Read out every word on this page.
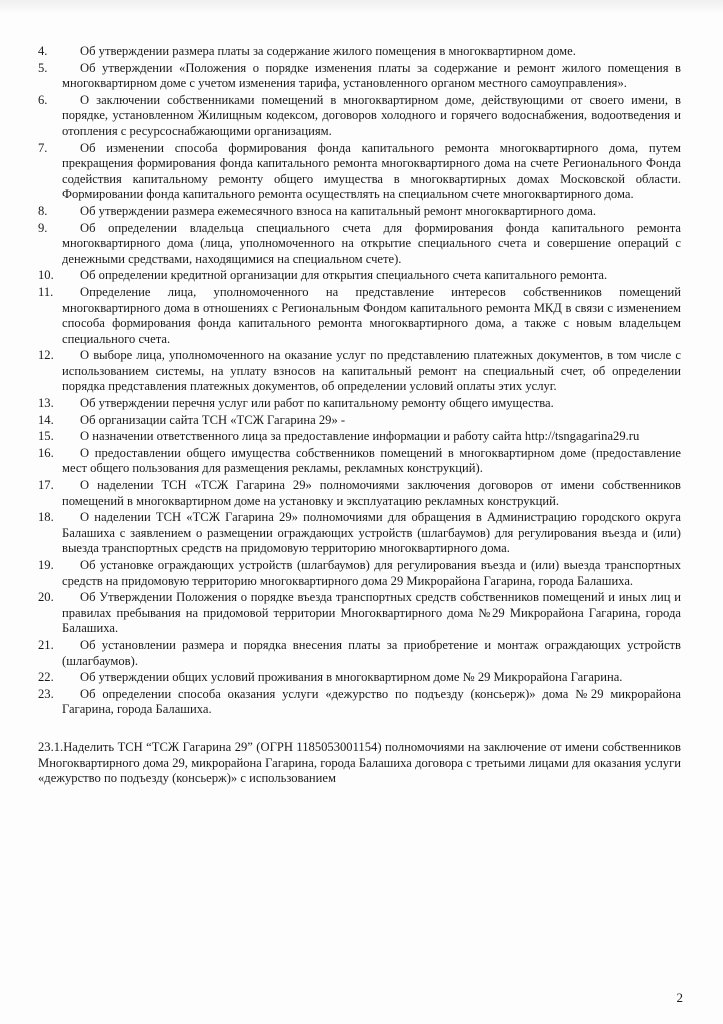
4.	Об утверждении размера платы за содержание жилого помещения в многоквартирном доме.
5.	Об утверждении «Положения о порядке изменения платы за содержание и ремонт жилого помещения в многоквартирном доме с учетом изменения тарифа, установленного органом местного самоуправления».
6.	О заключении собственниками помещений в многоквартирном доме, действующими от своего имени, в порядке, установленном Жилищным кодексом, договоров холодного и горячего водоснабжения, водоотведения и отопления с ресурсоснабжающими организациям.
7.	Об изменении способа формирования фонда капитального ремонта многоквартирного дома, путем прекращения формирования фонда капитального ремонта многоквартирного дома на счете Регионального Фонда содействия капитальному ремонту общего имущества в многоквартирных домах Московской области. Формировании фонда капитального ремонта осуществлять на специальном счете многоквартирного дома.
8.	Об утверждении размера ежемесячного взноса на капитальный ремонт многоквартирного дома.
9.	Об определении владельца специального счета для формирования фонда капитального ремонта многоквартирного дома (лица, уполномоченного на открытие специального счета и совершение операций с денежными средствами, находящимися на специальном счете).
10. Об определении кредитной организации для открытия специального счета капитального ремонта.
11. Определение лица, уполномоченного на представление интересов собственников помещений многоквартирного дома в отношениях с Региональным Фондом капитального ремонта МКД в связи с изменением способа формирования фонда капитального ремонта многоквартирного дома, а также с новым владельцем специального счета.
12. О выборе лица, уполномоченного на оказание услуг по представлению платежных документов, в том числе с использованием системы, на уплату взносов на капитальный ремонт на специальный счет, об определении порядка представления платежных документов, об определении условий оплаты этих услуг.
13. Об утверждении перечня услуг или работ по капитальному ремонту общего имущества.
14. Об организации сайта ТСН «ТСЖ Гагарина 29» -
15. О назначении ответственного лица за предоставление информации и работу сайта http://tsngagarina29.ru
16. О предоставлении общего имущества собственников помещений в многоквартирном доме (предоставление мест общего пользования для размещения рекламы, рекламных конструкций).
17. О наделении ТСН «ТСЖ Гагарина 29» полномочиями заключения договоров от имени собственников помещений в многоквартирном доме на установку и эксплуатацию рекламных конструкций.
18. О наделении ТСН «ТСЖ Гагарина 29» полномочиями для обращения в Администрацию городского округа Балашиха с заявлением о размещении ограждающих устройств (шлагбаумов) для регулирования въезда и (или) выезда транспортных средств на придомовую территорию многоквартирного дома.
19. Об установке ограждающих устройств (шлагбаумов) для регулирования въезда и (или) выезда транспортных средств на придомовую территорию многоквартирного дома 29 Микрорайона Гагарина, города Балашиха.
20. Об Утверждении Положения о порядке въезда транспортных средств собственников помещений и иных лиц и правилах пребывания на придомовой территории Многоквартирного дома №29 Микрорайона Гагарина, города Балашиха.
21. Об установлении размера и порядка внесения платы за приобретение и монтаж ограждающих устройств (шлагбаумов).
22. Об утверждении общих условий проживания в многоквартирном доме № 29 Микрорайона Гагарина.
23. Об определении способа оказания услуги «дежурство по подъезду (консьерж)» дома №29 микрорайона Гагарина, города Балашиха.

23.1.Наделить ТСН “ТСЖ Гагарина 29” (ОГРН 1185053001154) полномочиями на заключение от имени собственников Многоквартирного дома 29, микрорайона Гагарина, города Балашиха договора с третьими лицами для оказания услуги «дежурство по подъезду (консьерж)» с использованием

2
